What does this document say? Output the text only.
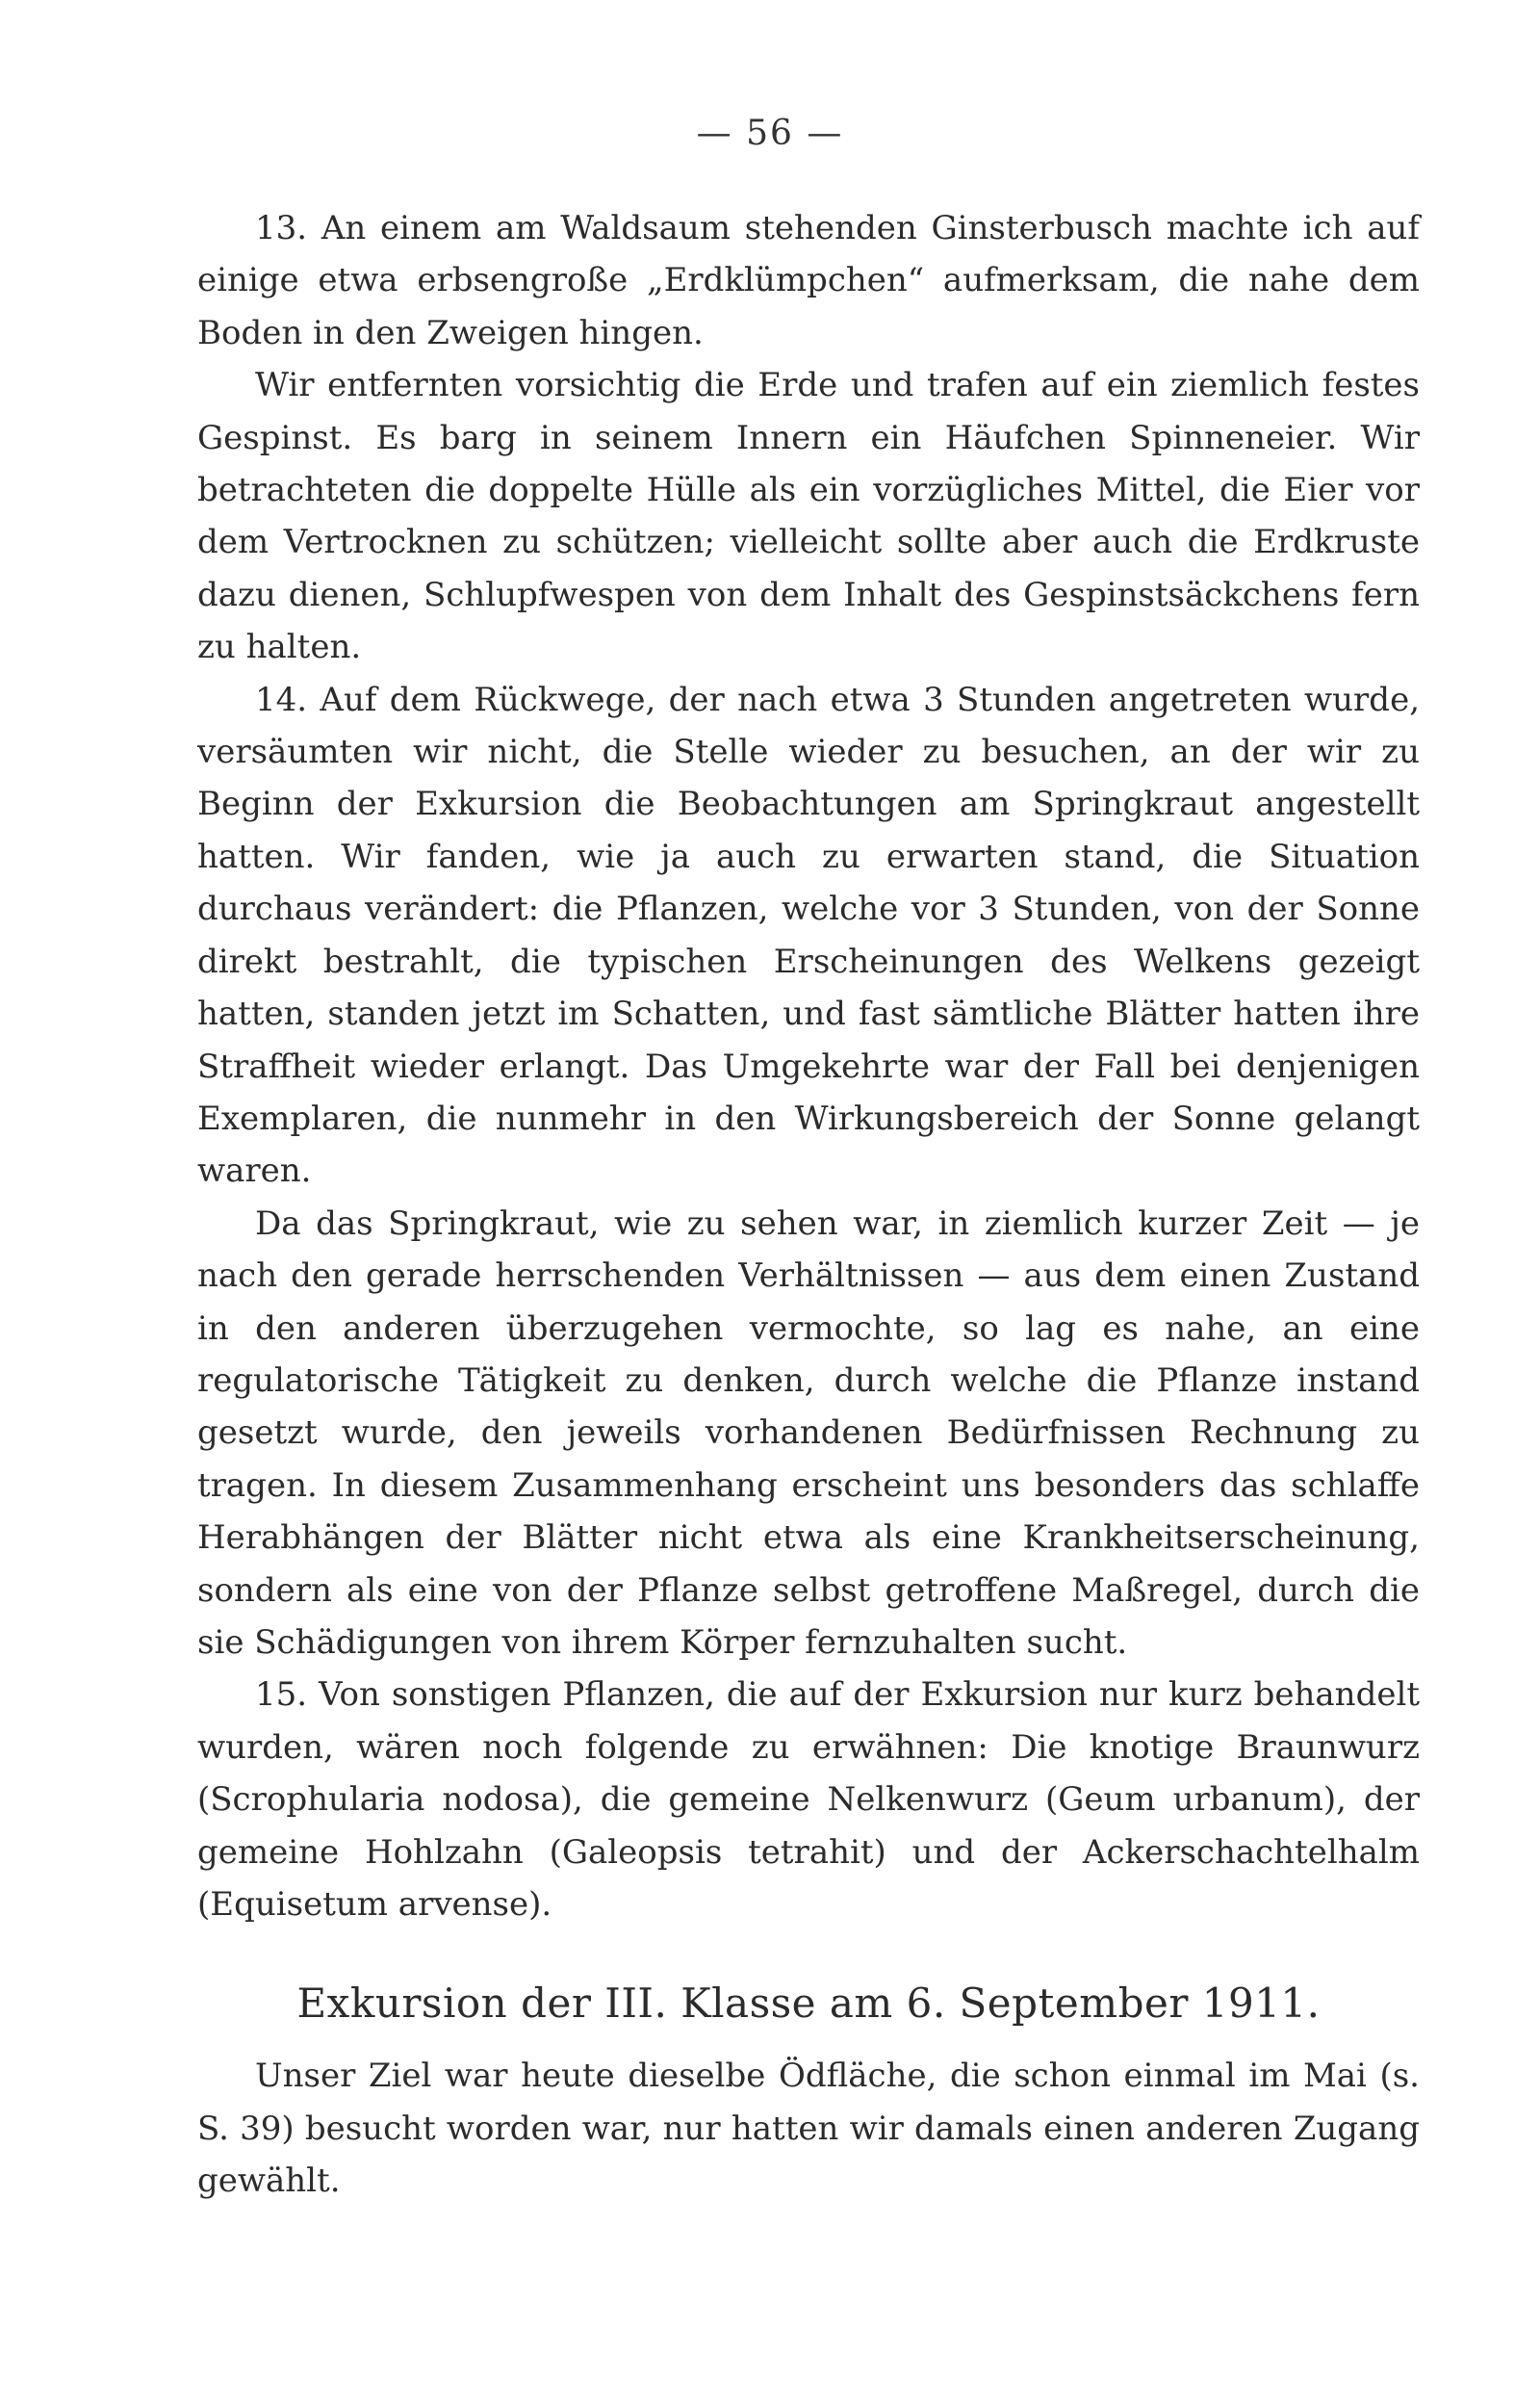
— 56 —

13. An einem am Waldsaum stehenden Ginsterbusch machte ich auf einige etwa erbsengroße „Erdklümpchen“ aufmerksam, die nahe dem Boden in den Zweigen hingen.

Wir entfernten vorsichtig die Erde und trafen auf ein ziemlich festes Gespinst. Es barg in seinem Innern ein Häufchen Spinneneier. Wir betrachteten die doppelte Hülle als ein vorzügliches Mittel, die Eier vor dem Vertrocknen zu schützen; vielleicht sollte aber auch die Erdkruste dazu dienen, Schlupfwespen von dem Inhalt des Gespinstsäckchens fern zu halten.

14. Auf dem Rückwege, der nach etwa 3 Stunden angetreten wurde, versäumten wir nicht, die Stelle wieder zu besuchen, an der wir zu Beginn der Exkursion die Beobachtungen am Springkraut angestellt hatten. Wir fanden, wie ja auch zu erwarten stand, die Situation durchaus verändert: die Pflanzen, welche vor 3 Stunden, von der Sonne direkt bestrahlt, die typischen Erscheinungen des Welkens gezeigt hatten, standen jetzt im Schatten, und fast sämtliche Blätter hatten ihre Straffheit wieder erlangt. Das Umgekehrte war der Fall bei denjenigen Exemplaren, die nunmehr in den Wirkungsbereich der Sonne gelangt waren.

Da das Springkraut, wie zu sehen war, in ziemlich kurzer Zeit — je nach den gerade herrschenden Verhältnissen — aus dem einen Zustand in den anderen überzugehen vermochte, so lag es nahe, an eine regulatorische Tätigkeit zu denken, durch welche die Pflanze instand gesetzt wurde, den jeweils vorhandenen Bedürfnissen Rechnung zu tragen. In diesem Zusammenhang erscheint uns besonders das schlaffe Herabhängen der Blätter nicht etwa als eine Krankheitserscheinung, sondern als eine von der Pflanze selbst getroffene Maßregel, durch die sie Schädigungen von ihrem Körper fernzuhalten sucht.

15. Von sonstigen Pflanzen, die auf der Exkursion nur kurz behandelt wurden, wären noch folgende zu erwähnen: Die knotige Braunwurz (Scrophularia nodosa), die gemeine Nelkenwurz (Geum urbanum), der gemeine Hohlzahn (Galeopsis tetrahit) und der Ackerschachtelhalm (Equisetum arvense).

Exkursion der III. Klasse am 6. September 1911.

Unser Ziel war heute dieselbe Ödfläche, die schon einmal im Mai (s. S. 39) besucht worden war, nur hatten wir damals einen anderen Zugang gewählt.
